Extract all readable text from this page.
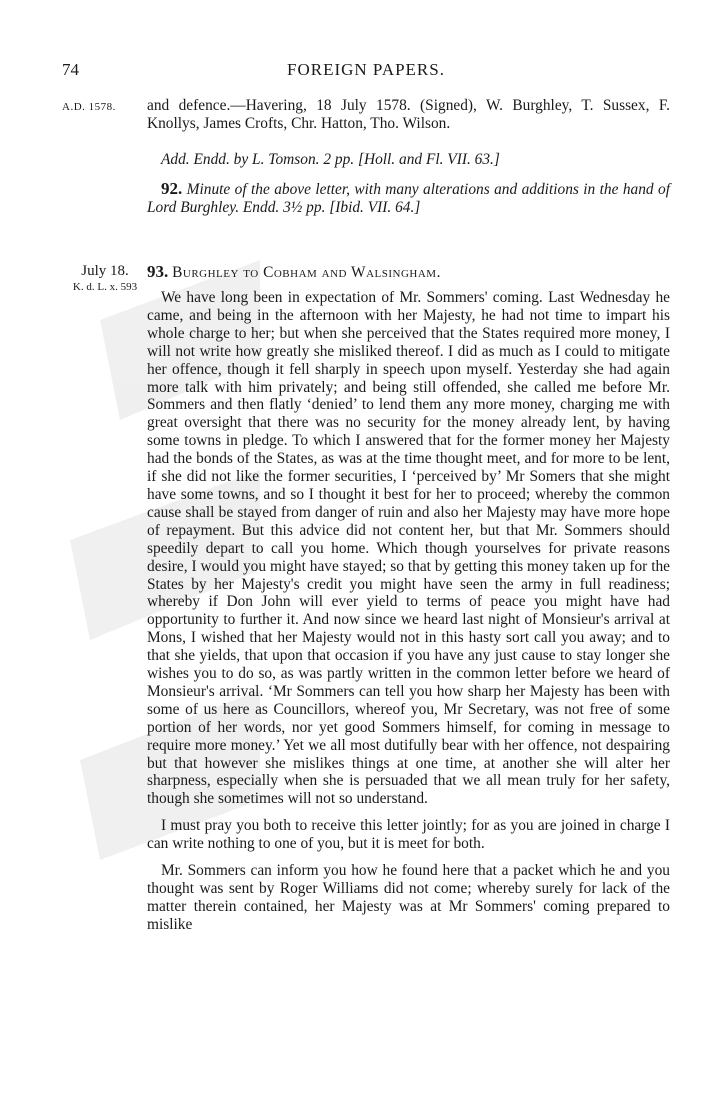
74	FOREIGN PAPERS.
A.D. 1578.
July 18.
K. d. L. x. 593

and defence.—Havering, 18 July 1578. (Signed), W. Burghley, T. Sussex, F. Knollys, James Crofts, Chr. Hatton, Tho. Wilson.

Add. Endd. by L. Tomson. 2 pp. [Holl. and Fl. VII. 63.]

92. Minute of the above letter, with many alterations and additions in the hand of Lord Burghley. Endd. 3½ pp. [Ibid. VII. 64.]

93. Burghley to Cobham and Walsingham.

We have long been in expectation of Mr. Sommers' coming. Last Wednesday he came, and being in the afternoon with her Majesty, he had not time to impart his whole charge to her; but when she perceived that the States required more money, I will not write how greatly she misliked thereof. I did as much as I could to mitigate her offence, though it fell sharply in speech upon myself. Yesterday she had again more talk with him privately; and being still offended, she called me before Mr. Sommers and then flatly ‘denied’ to lend them any more money, charging me with great oversight that there was no security for the money already lent, by having some towns in pledge. To which I answered that for the former money her Majesty had the bonds of the States, as was at the time thought meet, and for more to be lent, if she did not like the former securities, I ‘perceived by’ Mr Somers that she might have some towns, and so I thought it best for her to proceed; whereby the common cause shall be stayed from danger of ruin and also her Majesty may have more hope of repayment. But this advice did not content her, but that Mr. Sommers should speedily depart to call you home. Which though yourselves for private reasons desire, I would you might have stayed; so that by getting this money taken up for the States by her Majesty's credit you might have seen the army in full readiness; whereby if Don John will ever yield to terms of peace you might have had opportunity to further it. And now since we heard last night of Monsieur's arrival at Mons, I wished that her Majesty would not in this hasty sort call you away; and to that she yields, that upon that occasion if you have any just cause to stay longer she wishes you to do so, as was partly written in the common letter before we heard of Monsieur's arrival. ‘Mr Sommers can tell you how sharp her Majesty has been with some of us here as Councillors, whereof you, Mr Secretary, was not free of some portion of her words, nor yet good Sommers himself, for coming in message to require more money.’ Yet we all most dutifully bear with her offence, not despairing but that however she mislikes things at one time, at another she will alter her sharpness, especially when she is persuaded that we all mean truly for her safety, though she sometimes will not so understand.

I must pray you both to receive this letter jointly; for as you are joined in charge I can write nothing to one of you, but it is meet for both.

Mr. Sommers can inform you how he found here that a packet which he and you thought was sent by Roger Williams did not come; whereby surely for lack of the matter therein contained, her Majesty was at Mr Sommers' coming prepared to mislike
